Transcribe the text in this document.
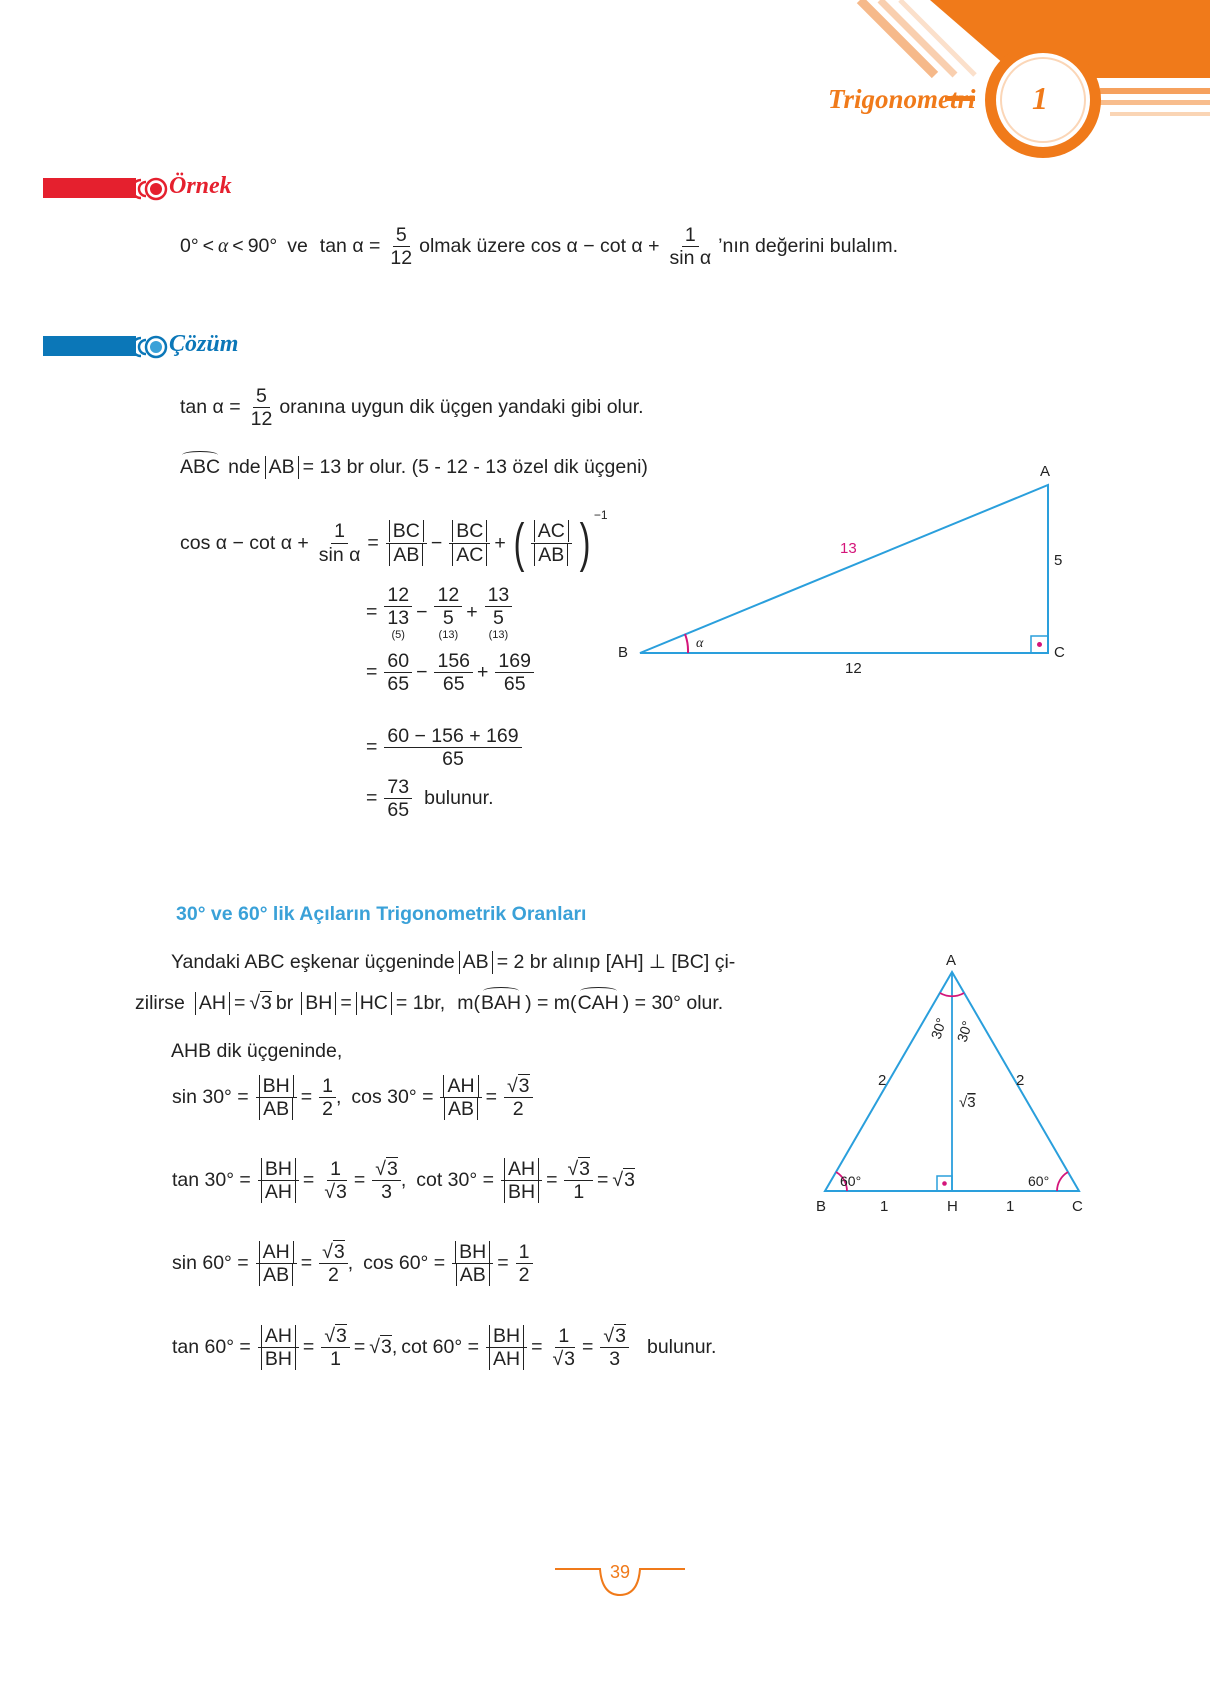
Trigonometri 1
Örnek
0° < α < 90° ve $\tan \alpha = \frac{5}{12}$ olmak üzere $\cos \alpha - \cot \alpha + \frac{1}{\text{sin α}}$ ’nın değerini bulalım.
Çözüm
$\tan \alpha = \frac{5}{12}$ oranına uygun dik üçgen yandaki gibi olur.
ABC nde AB = 13 br olur. (5 - 12 - 13 özel dik üçgeni)
$\cos \alpha - \cot \alpha + \frac{1}{\text{sin α}} = \frac{BC}{AB} - \frac{BC}{AC}$ + ( $\frac{AC}{AB}$ ) −1
=
12
13
(5)
−
12
5
(13)
+
13
5
(13)
= $\frac{60}{65} - \frac{156}{65} + \frac{169}{65}$
= $\frac{60 - 156 + 169}{65}$
= $\frac{73}{65}$ bulunur.
A
B	C
13
5
12
α
30° ve 60° lik Açıların Trigonometrik Oranları
Yandaki ABC eşkenar üçgeninde AB = 2 br alınıp [AH] ⊥ [BC] çi-
zilirse AH = √3 br BH = HC = 1br, m( BAH ) = m( CAH ) = 30° olur.
AHB dik üçgeninde,
$\sin 30^\circ = \frac{BH}{AB} = \frac{1}{2}$ , $\cos 30^\circ = \frac{AH}{AB} = \frac{√3}{2}$
$\tan 30^\circ = \frac{BH}{AH} = \frac{1}{√3} = \frac{√3}{3}$ , $\cot 30^\circ = \frac{AH}{BH} = \frac{√3}{1} = √3$
$\sin 60^\circ = \frac{AH}{AB} = \frac{√3}{2}$ , $\cos 60^\circ = \frac{BH}{AB} = \frac{1}{2}$
$\tan 60^\circ = \frac{AH}{BH} = \frac{√3}{1} = √3$ , $\cot 60^\circ = \frac{BH}{AH} = \frac{1}{√3} = \frac{√3}{3}$ bulunur.
A
B	H	C
2	2
√3
1	1
60°	60°
30° 30°
39
